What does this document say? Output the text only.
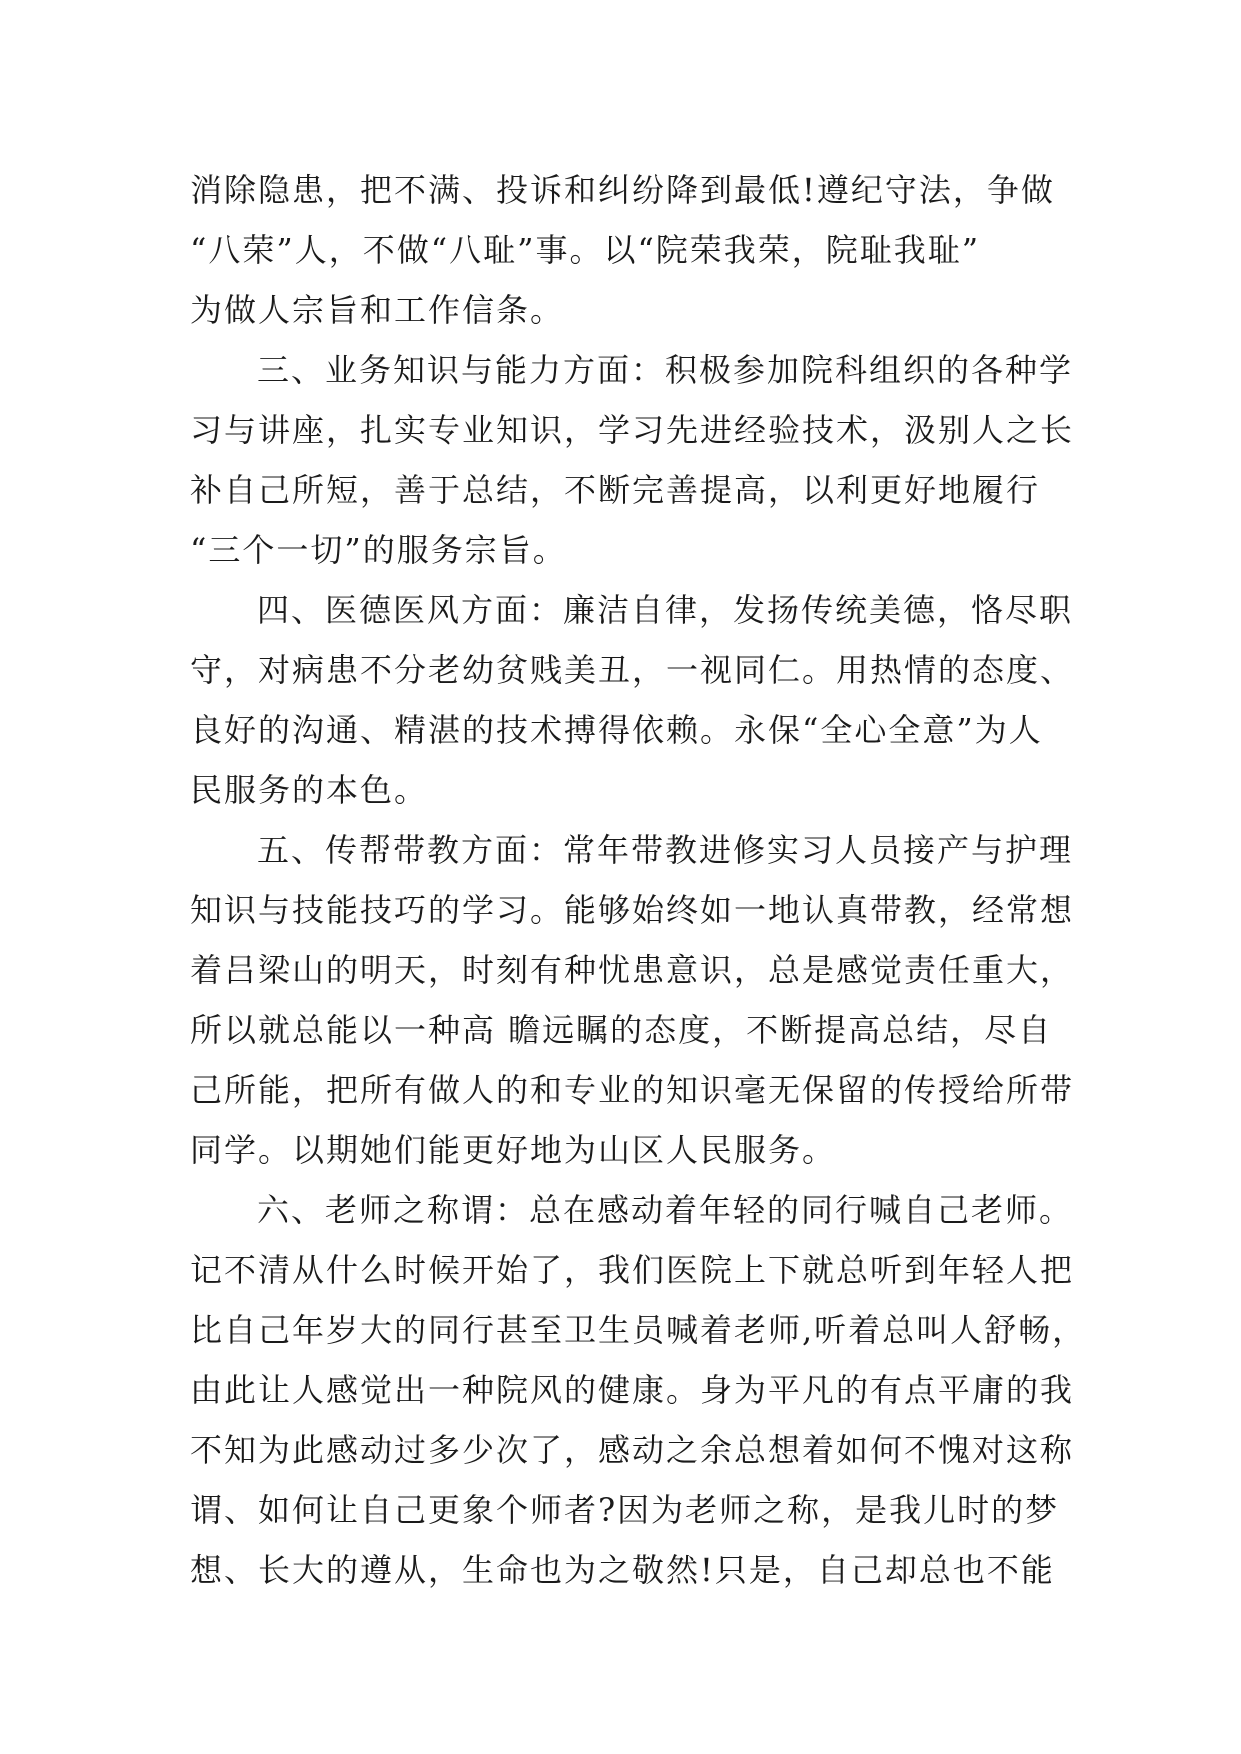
消除隐患，把不满、投诉和纠纷降到最低!遵纪守法，争做
“八荣”人，不做“八耻”事。以“院荣我荣，院耻我耻”
为做人宗旨和工作信条。
三、业务知识与能力方面：积极参加院科组织的各种学
习与讲座，扎实专业知识，学习先进经验技术，汲别人之长
补自己所短，善于总结，不断完善提高，以利更好地履行
“三个一切”的服务宗旨。
四、医德医风方面：廉洁自律，发扬传统美德，恪尽职
守，对病患不分老幼贫贱美丑，一视同仁。用热情的态度、
良好的沟通、精湛的技术搏得依赖。永保“全心全意”为人
民服务的本色。
五、传帮带教方面：常年带教进修实习人员接产与护理
知识与技能技巧的学习。能够始终如一地认真带教，经常想
着吕梁山的明天，时刻有种忧患意识，总是感觉责任重大，
所以就总能以一种高 瞻远瞩的态度，不断提高总结，尽自
己所能，把所有做人的和专业的知识毫无保留的传授给所带
同学。以期她们能更好地为山区人民服务。
六、老师之称谓：总在感动着年轻的同行喊自己老师。
记不清从什么时候开始了，我们医院上下就总听到年轻人把
比自己年岁大的同行甚至卫生员喊着老师,听着总叫人舒畅，
由此让人感觉出一种院风的健康。身为平凡的有点平庸的我
不知为此感动过多少次了，感动之余总想着如何不愧对这称
谓、如何让自己更象个师者?因为老师之称，是我儿时的梦
想、长大的遵从，生命也为之敬然!只是，自己却总也不能
